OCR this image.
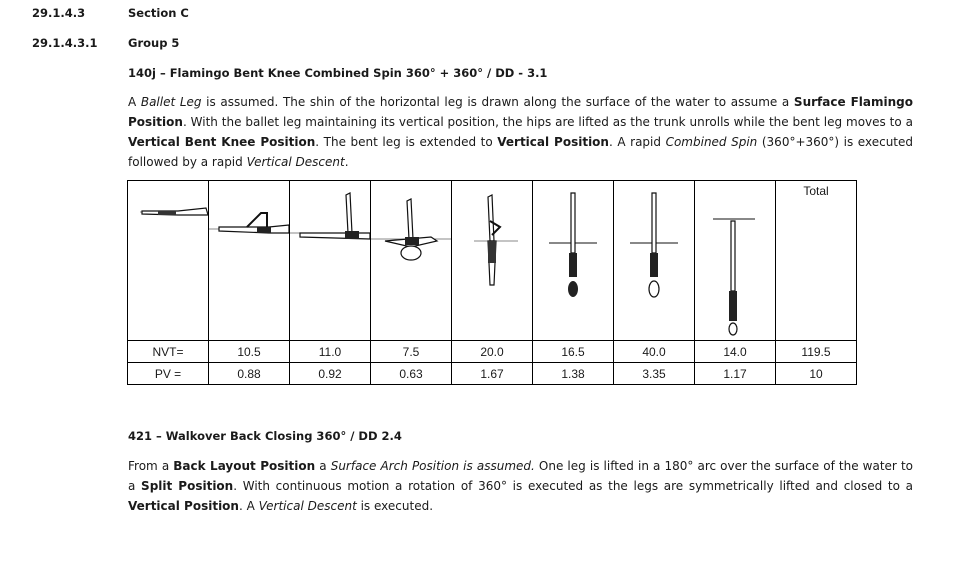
29.1.4.3	Section C
29.1.4.3.1	Group 5
140j – Flamingo Bent Knee Combined Spin 360° + 360° / DD - 3.1
A Ballet Leg is assumed. The shin of the horizontal leg is drawn along the surface of the water to assume a Surface Flamingo Position. With the ballet leg maintaining its vertical position, the hips are lifted as the trunk unrolls while the bent leg moves to a Vertical Bent Knee Position. The bent leg is extended to Vertical Position. A rapid Combined Spin (360°+360°) is executed followed by a rapid Vertical Descent.

Total

NVT=	10.5	11.0	7.5	20.0	16.5	40.0	14.0	119.5
PV =	0.88	0.92	0.63	1.67	1.38	3.35	1.17	10
421 – Walkover Back Closing 360° / DD 2.4
From a Back Layout Position a Surface Arch Position is assumed. One leg is lifted in a 180° arc over the surface of the water to a Split Position. With continuous motion a rotation of 360° is executed as the legs are symmetrically lifted and closed to a Vertical Position. A Vertical Descent is executed.
